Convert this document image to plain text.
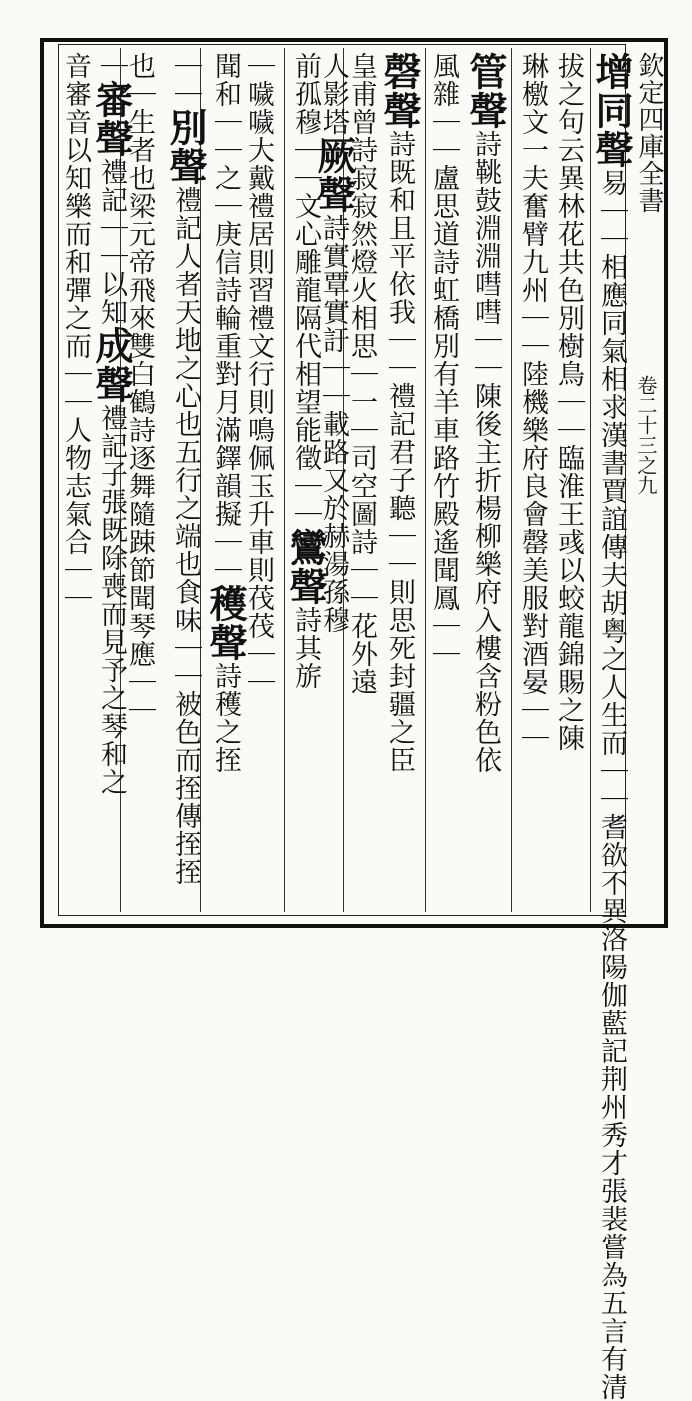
欽定四庫全書
卷二十三之九
增同聲易｜｜相應同氣相求漢書賈誼傳夫胡粤之人生而｜｜耆欲不異洛陽伽藍記荆州秀才張裴嘗為五言有清
拔之句云異林花共色別樹鳥｜｜臨淮王彧以蛟龍錦賜之陳
琳檄文一夫奮臂九州｜｜陸機樂府良會罄美服對酒晏｜｜
管聲詩鞉鼓淵淵嘒嘒｜｜陳後主折楊柳樂府入樓含粉色依
風雜｜｜盧思道詩虹橋別有羊車路竹殿遙聞鳳｜｜
磬聲詩既和且平依我｜｜禮記君子聽｜｜則思死封疆之臣
皇甫曾詩寂寂然燈火相思｜一｜司空圖詩｜｜花外遠
人影塔厥聲詩實覃實訏｜｜載路又於赫湯孫穆
前孤穆｜｜文心雕龍隔代相望能徵｜｜鸞聲詩其旂
｜噦噦大戴禮居則習禮文行則鳴佩玉升車則茷茷｜｜
聞和｜｜之｜庚信詩輪重對月滿鐸韻擬｜｜穫聲詩穫之挃
｜｜別聲禮記人者天地之心也五行之端也食味｜｜被色而挃傳挃挃
也｜生者也梁元帝飛來雙白鶴詩逐舞隨踈節聞琴應｜｜
｜審聲禮記｜｜以知成聲禮記子張既除喪而見予之琴和之
音審音以知樂而和彈之而｜｜人物志氣合｜｜
